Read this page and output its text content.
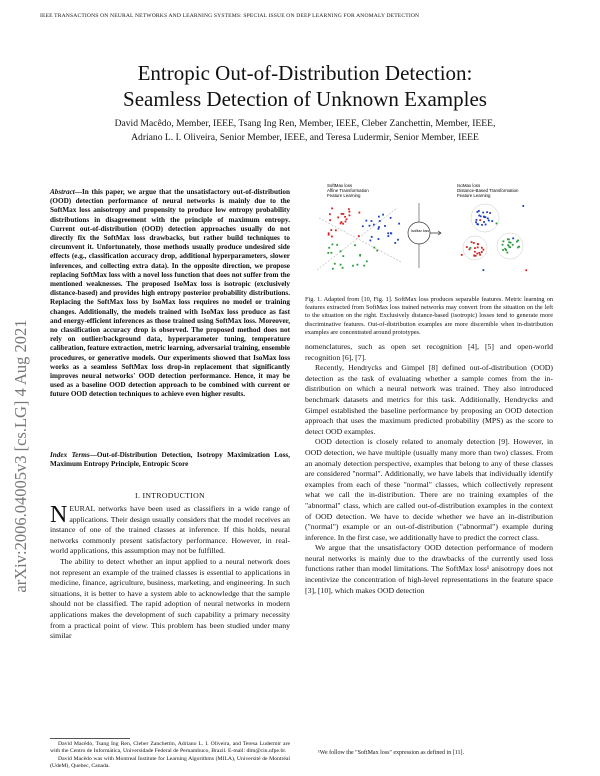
IEEE TRANSACTIONS ON NEURAL NETWORKS AND LEARNING SYSTEMS: SPECIAL ISSUE ON DEEP LEARNING FOR ANOMALY DETECTION
Entropic Out-of-Distribution Detection:
Seamless Detection of Unknown Examples
David Macêdo, Member, IEEE, Tsang Ing Ren, Member, IEEE, Cleber Zanchettin, Member, IEEE,
Adriano L. I. Oliveira, Senior Member, IEEE, and Teresa Ludermir, Senior Member, IEEE
arXiv:2006.04005v3 [cs.LG] 4 Aug 2021
Abstract—In this paper, we argue that the unsatisfactory out-of-distribution (OOD) detection performance of neural networks is mainly due to the SoftMax loss anisotropy and propensity to produce low entropy probability distributions in disagreement with the principle of maximum entropy. Current out-of-distribution (OOD) detection approaches usually do not directly fix the SoftMax loss drawbacks, but rather build techniques to circumvent it. Unfortunately, those methods usually produce undesired side effects (e.g., classification accuracy drop, additional hyperparameters, slower inferences, and collecting extra data). In the opposite direction, we propose replacing SoftMax loss with a novel loss function that does not suffer from the mentioned weaknesses. The proposed IsoMax loss is isotropic (exclusively distance-based) and provides high entropy posterior probability distributions. Replacing the SoftMax loss by IsoMax loss requires no model or training changes. Additionally, the models trained with IsoMax loss produce as fast and energy-efficient inferences as those trained using SoftMax loss. Moreover, no classification accuracy drop is observed. The proposed method does not rely on outlier/background data, hyperparameter tuning, temperature calibration, feature extraction, metric learning, adversarial training, ensemble procedures, or generative models. Our experiments showed that IsoMax loss works as a seamless SoftMax loss drop-in replacement that significantly improves neural networks' OOD detection performance. Hence, it may be used as a baseline OOD detection approach to be combined with current or future OOD detection techniques to achieve even higher results.
Index Terms—Out-of-Distribution Detection, Isotropy Maximization Loss, Maximum Entropy Principle, Entropic Score
I. INTRODUCTION

NEURAL networks have been used as classifiers in a wide range of applications. Their design usually considers that the model receives an instance of one of the trained classes at inference. If this holds, neural networks commonly present satisfactory performance. However, in real-world applications, this assumption may not be fulfilled.

The ability to detect whether an input applied to a neural network does not represent an example of the trained classes is essential to applications in medicine, finance, agriculture, business, marketing, and engineering. In such situations, it is better to have a system able to acknowledge that the sample should not be classified. The rapid adoption of neural networks in modern applications makes the development of such capability a primary necessity from a practical point of view. This problem has been studied under many similar

David Macêdo, Tsang Ing Ren, Cleber Zanchettin, Adriano L. I. Oliveira, and Teresa Ludermir are with the Centro de Informática, Universidade Federal de Pernambuco, Brazil. E-mail: dlm@cin.ufpe.br.
David Macêdo was with Montreal Institute for Learning Algorithms (MILA), Université de Montréal (UdeM), Quebec, Canada.
SoftMax loss
Affine Transformation
Feature Learning
IsoMax loss
Distance-Based Transformation
Feature Learning
IsoMax loss
Fig. 1. Adapted from [10, Fig. 1]. SoftMax loss produces separable features. Metric learning on features extracted from SoftMax loss trained networks may convert from the situation on the left to the situation on the right. Exclusively distance-based (isotropic) losses tend to generate more discriminative features. Out-of-distribution examples are more discernible when in-distribution examples are concentrated around prototypes.

nomenclatures, such as open set recognition [4], [5] and open-world recognition [6], [7].

Recently, Hendrycks and Gimpel [8] defined out-of-distribution (OOD) detection as the task of evaluating whether a sample comes from the in-distribution on which a neural network was trained. They also introduced benchmark datasets and metrics for this task. Additionally, Hendrycks and Gimpel established the baseline performance by proposing an OOD detection approach that uses the maximum predicted probability (MPS) as the score to detect OOD examples.

OOD detection is closely related to anomaly detection [9]. However, in OOD detection, we have multiple (usually many more than two) classes. From an anomaly detection perspective, examples that belong to any of these classes are considered "normal". Additionally, we have labels that individually identify examples from each of these "normal" classes, which collectively represent what we call the in-distribution. There are no training examples of the "abnormal" class, which are called out-of-distribution examples in the context of OOD detection. We have to decide whether we have an in-distribution ("normal") example or an out-of-distribution ("abnormal") example during inference. In the first case, we additionally have to predict the correct class.

We argue that the unsatisfactory OOD detection performance of modern neural networks is mainly due to the drawbacks of the currently used loss functions rather than model limitations. The SoftMax loss¹ anisotropy does not incentivize the concentration of high-level representations in the feature space [3], [10], which makes OOD detection

¹We follow the "SoftMax loss" expression as defined in [11].
